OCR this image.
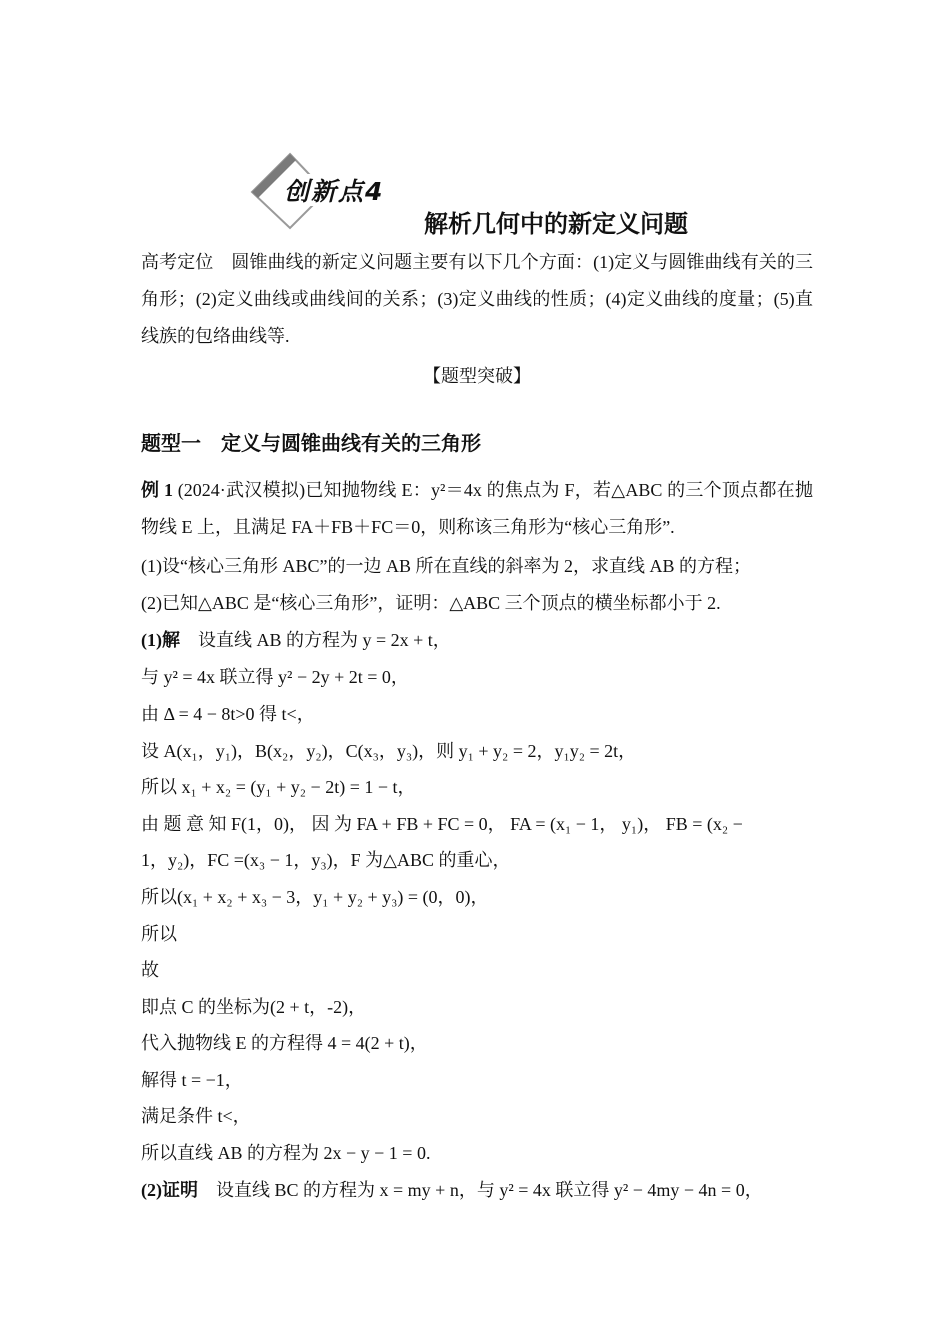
创新点4
解析几何中的新定义问题

高考定位　圆锥曲线的新定义问题主要有以下几个方面：(1)定义与圆锥曲线有关的三角形；(2)定义曲线或曲线间的关系；(3)定义曲线的性质；(4)定义曲线的度量；(5)直线族的包络曲线等.

【题型突破】

题型一　定义与圆锥曲线有关的三角形

例 1 (2024·武汉模拟)已知抛物线 E：y²＝4x 的焦点为 F，若△ABC 的三个顶点都在抛物线 E 上，且满足 FA＋FB＋FC＝0，则称该三角形为“核心三角形”.

(1)设“核心三角形 ABC”的一边 AB 所在直线的斜率为 2，求直线 AB 的方程；

(2)已知△ABC 是“核心三角形”，证明：△ABC 三个顶点的横坐标都小于 2.

(1)解　设直线 AB 的方程为 y = 2x + t，

与 y² = 4x 联立得 y² − 2y + 2t = 0，

由 Δ = 4 − 8t>0 得 t<，

设 A(x₁，y₁)，B(x₂，y₂)，C(x₃，y₃)，则 y₁ + y₂ = 2，y₁y₂ = 2t，

所以 x₁ + x₂ = (y₁ + y₂ − 2t) = 1 − t，

由 题 意 知 F(1，0)， 因 为 FA + FB + FC = 0， FA = (x₁ − 1， y₁)， FB = (x₂ −

1，y₂)，FC =(x₃ − 1，y₃)，F 为△ABC 的重心，

所以(x₁ + x₂ + x₃ − 3，y₁ + y₂ + y₃) = (0，0)，

所以

故

即点 C 的坐标为(2 + t，-2)，

代入抛物线 E 的方程得 4 = 4(2 + t)，

解得 t = −1，

满足条件 t<，

所以直线 AB 的方程为 2x − y − 1 = 0.

(2)证明　设直线 BC 的方程为 x = my + n，与 y² = 4x 联立得 y² − 4my − 4n = 0，
